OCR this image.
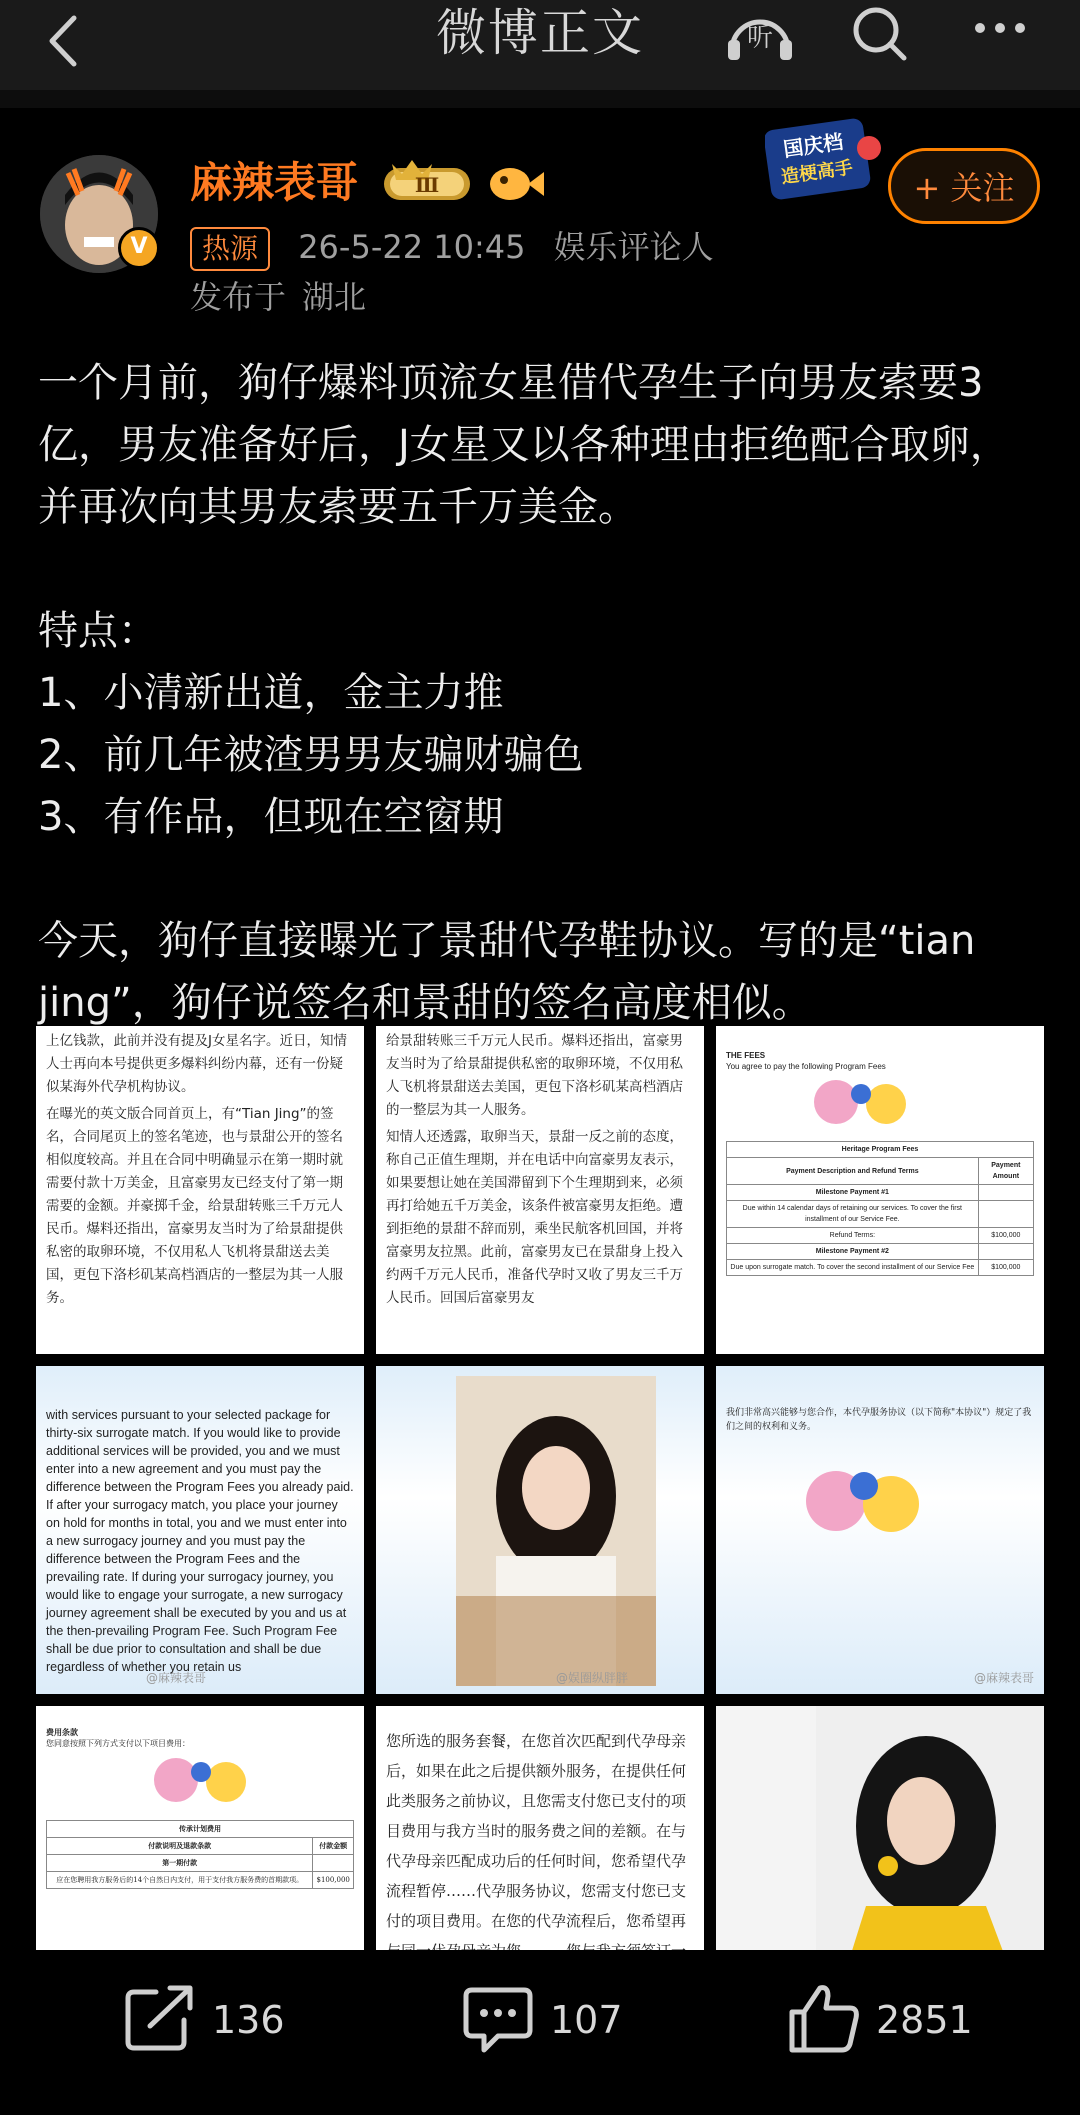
微博正文	听
V
麻辣表哥	Ⅲ
热源 26-5-22 10:45 娱乐评论人
发布于 湖北
国庆档
造梗高手	+ 关注

一个月前，狗仔爆料顶流女星借代孕生子向男友索要3亿，男友准备好后，J女星又以各种理由拒绝配合取卵，并再次向其男友索要五千万美金。

特点：

1、小清新出道，金主力推

2、前几年被渣男男友骗财骗色

3、有作品，但现在空窗期

今天，狗仔直接曝光了景甜代孕鞋协议。写的是“tian jing”，狗仔说签名和景甜的签名高度相似。

上亿钱款，此前并没有提及J女星名字。近日，知情人士再向本号提供更多爆料纠纷内幕，还有一份疑似某海外代孕机构协议。

在曝光的英文版合同首页上，有“Tian Jing”的签名，合同尾页上的签名笔迹，也与景甜公开的签名相似度较高。并且在合同中明确显示在第一期时就需要付款十万美金，且富豪男友已经支付了第一期需要的金额。并豪掷千金，给景甜转账三千万元人民币。爆料还指出，富豪男友当时为了给景甜提供私密的取卵环境，不仅用私人飞机将景甜送去美国，更包下洛杉矶某高档酒店的一整层为其一人服务。

给景甜转账三千万元人民币。爆料还指出，富豪男友当时为了给景甜提供私密的取卵环境，不仅用私人飞机将景甜送去美国，更包下洛杉矶某高档酒店的一整层为其一人服务。

知情人还透露，取卵当天，景甜一反之前的态度，称自己正值生理期，并在电话中向富豪男友表示，如果要想让她在美国滞留到下个生理期到来，必须再打给她五千万美金，该条件被富豪男友拒绝。遭到拒绝的景甜不辞而别，乘坐民航客机回国，并将富豪男友拉黑。此前，富豪男友已在景甜身上投入约两千万元人民币，准备代孕时又收了男友三千万人民币。回国后富豪男友

THE FEES
You agree to pay the following Program Fees
Heritage Program Fees	
Payment Description and Refund Terms	Payment Amount
Milestone Payment #1	
Due within 14 calendar days of retaining our services. To cover the first installment of our Service Fee.	
Refund Terms:	$100,000
Milestone Payment #2	
Due upon surrogate match. To cover the second installment of our Service Fee	$100,000

with services pursuant to your selected package for thirty-six surrogate match. If you would like to provide additional services will be provided, you and we must enter into a new agreement and you must pay the difference between the Program Fees you already paid. If after your surrogacy match, you place your journey on hold for months in total, you and we must enter into a new surrogacy journey and you must pay the difference between the Program Fees and the prevailing rate. If during your surrogacy journey, you would like to engage your surrogate, a new surrogacy journey agreement shall be executed by you and us at the then-prevailing Program Fee. Such Program Fee shall be due prior to consultation and shall be due regardless of whether you retain us

@麻辣表哥	@娱圈纵胖胖

我们非常高兴能够与您合作，本代孕服务协议（以下简称"本协议"）规定了我们之间的权利和义务。

@麻辣表哥
费用条款
您同意按照下列方式支付以下项目费用：
传承计划费用	
付款说明及退款条款	付款金额
第一期付款	
应在您聘用我方服务后的14个自然日内支付，用于支付我方服务费的首期款项。	$100,000

您所选的服务套餐，在您首次匹配到代孕母亲后，如果在此之后提供额外服务，在提供任何此类服务之前协议，且您需支付您已支付的项目费用与我方当时的服务费之间的差额。在与代孕母亲匹配成功后的任何时间，您希望代孕流程暂停……代孕服务协议，您需支付您已支付的项目费用。在您的代孕流程后，您希望再

136	107	2851
